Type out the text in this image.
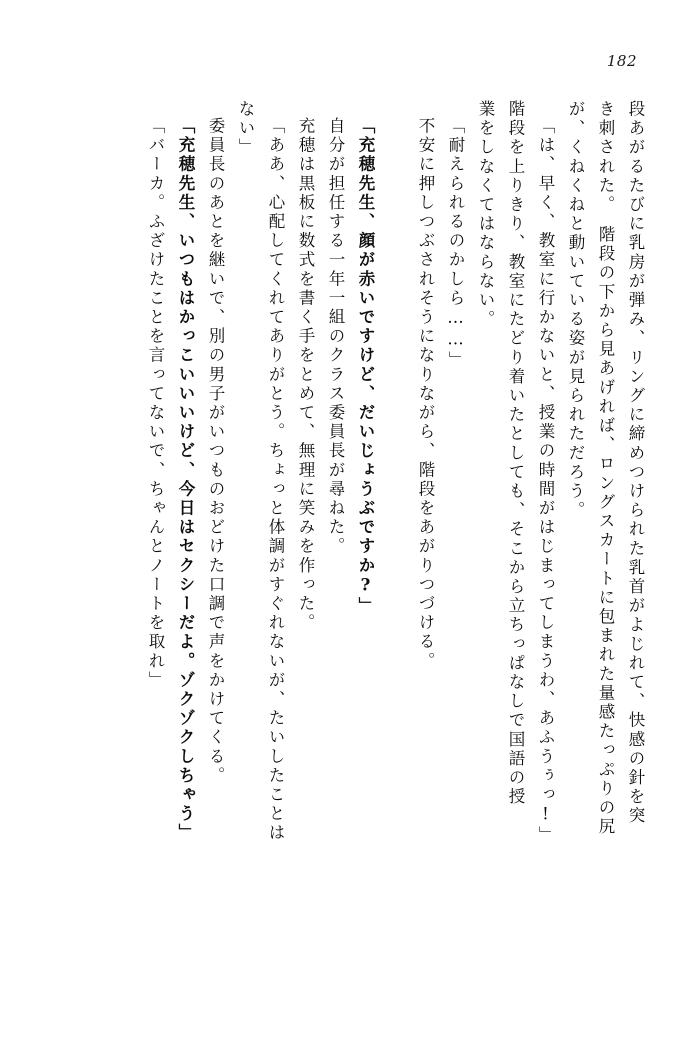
182
段あがるたびに乳房が弾み、リングに締めつけられた乳首がよじれて、快感の針を突
き刺された。　階段の下から見あげれば、ロングスカートに包まれた量感たっぷりの尻
が、くねくねと動いている姿が見られただろう。
「は、早く、教室に行かないと、授業の時間がはじまってしまうわ、あふうぅっ!」
階段を上りきり、教室にたどり着いたとしても、そこから立ちっぱなしで国語の授
業をしなくてはならない。
「耐えられるのかしら……」
不安に押しつぶされそうになりながら、階段をあがりつづける。
「充穂先生、顔が赤いですけど、だいじょうぶですか?」
自分が担任する一年一組のクラス委員長が尋ねた。
充穂は黒板に数式を書く手をとめて、無理に笑みを作った。
「ああ、心配してくれてありがとう。ちょっと体調がすぐれないが、たいしたことは
ない」
委員長のあとを継いで、別の男子がいつものおどけた口調で声をかけてくる。
「充穂先生、いつもはかっこいいいけど、今日はセクシーだよ。ゾクゾクしちゃう」
「バーカ。ふざけたことを言ってないで、ちゃんとノートを取れ」
